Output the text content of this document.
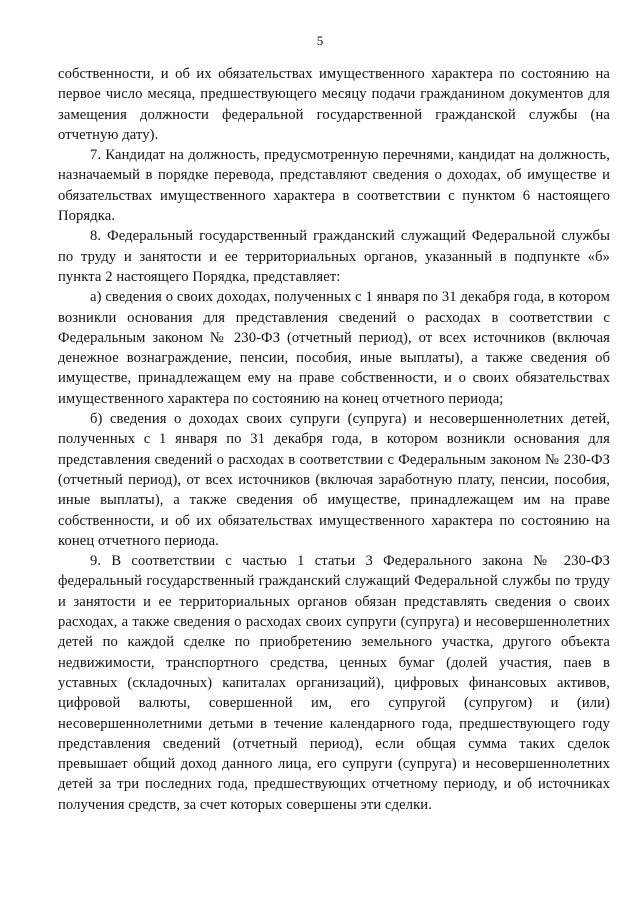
5

собственности, и об их обязательствах имущественного характера по состоянию на первое число месяца, предшествующего месяцу подачи гражданином документов для замещения должности федеральной государственной гражданской службы (на отчетную дату).

7. Кандидат на должность, предусмотренную перечнями, кандидат на должность, назначаемый в порядке перевода, представляют сведения о доходах, об имуществе и обязательствах имущественного характера в соответствии с пунктом 6 настоящего Порядка.

8. Федеральный государственный гражданский служащий Федеральной службы по труду и занятости и ее территориальных органов, указанный в подпункте «б» пункта 2 настоящего Порядка, представляет:

а) сведения о своих доходах, полученных с 1 января по 31 декабря года, в котором возникли основания для представления сведений о расходах в соответствии с Федеральным законом № 230-ФЗ (отчетный период), от всех источников (включая денежное вознаграждение, пенсии, пособия, иные выплаты), а также сведения об имуществе, принадлежащем ему на праве собственности, и о своих обязательствах имущественного характера по состоянию на конец отчетного периода;

б) сведения о доходах своих супруги (супруга) и несовершеннолетних детей, полученных с 1 января по 31 декабря года, в котором возникли основания для представления сведений о расходах в соответствии с Федеральным законом № 230-ФЗ (отчетный период), от всех источников (включая заработную плату, пенсии, пособия, иные выплаты), а также сведения об имуществе, принадлежащем им на праве собственности, и об их обязательствах имущественного характера по состоянию на конец отчетного периода.

9. В соответствии с частью 1 статьи 3 Федерального закона № 230-ФЗ федеральный государственный гражданский служащий Федеральной службы по труду и занятости и ее территориальных органов обязан представлять сведения о своих расходах, а также сведения о расходах своих супруги (супруга) и несовершеннолетних детей по каждой сделке по приобретению земельного участка, другого объекта недвижимости, транспортного средства, ценных бумаг (долей участия, паев в уставных (складочных) капиталах организаций), цифровых финансовых активов, цифровой валюты, совершенной им, его супругой (супругом) и (или) несовершеннолетними детьми в течение календарного года, предшествующего году представления сведений (отчетный период), если общая сумма таких сделок превышает общий доход данного лица, его супруги (супруга) и несовершеннолетних детей за три последних года, предшествующих отчетному периоду, и об источниках получения средств, за счет которых совершены эти сделки.
